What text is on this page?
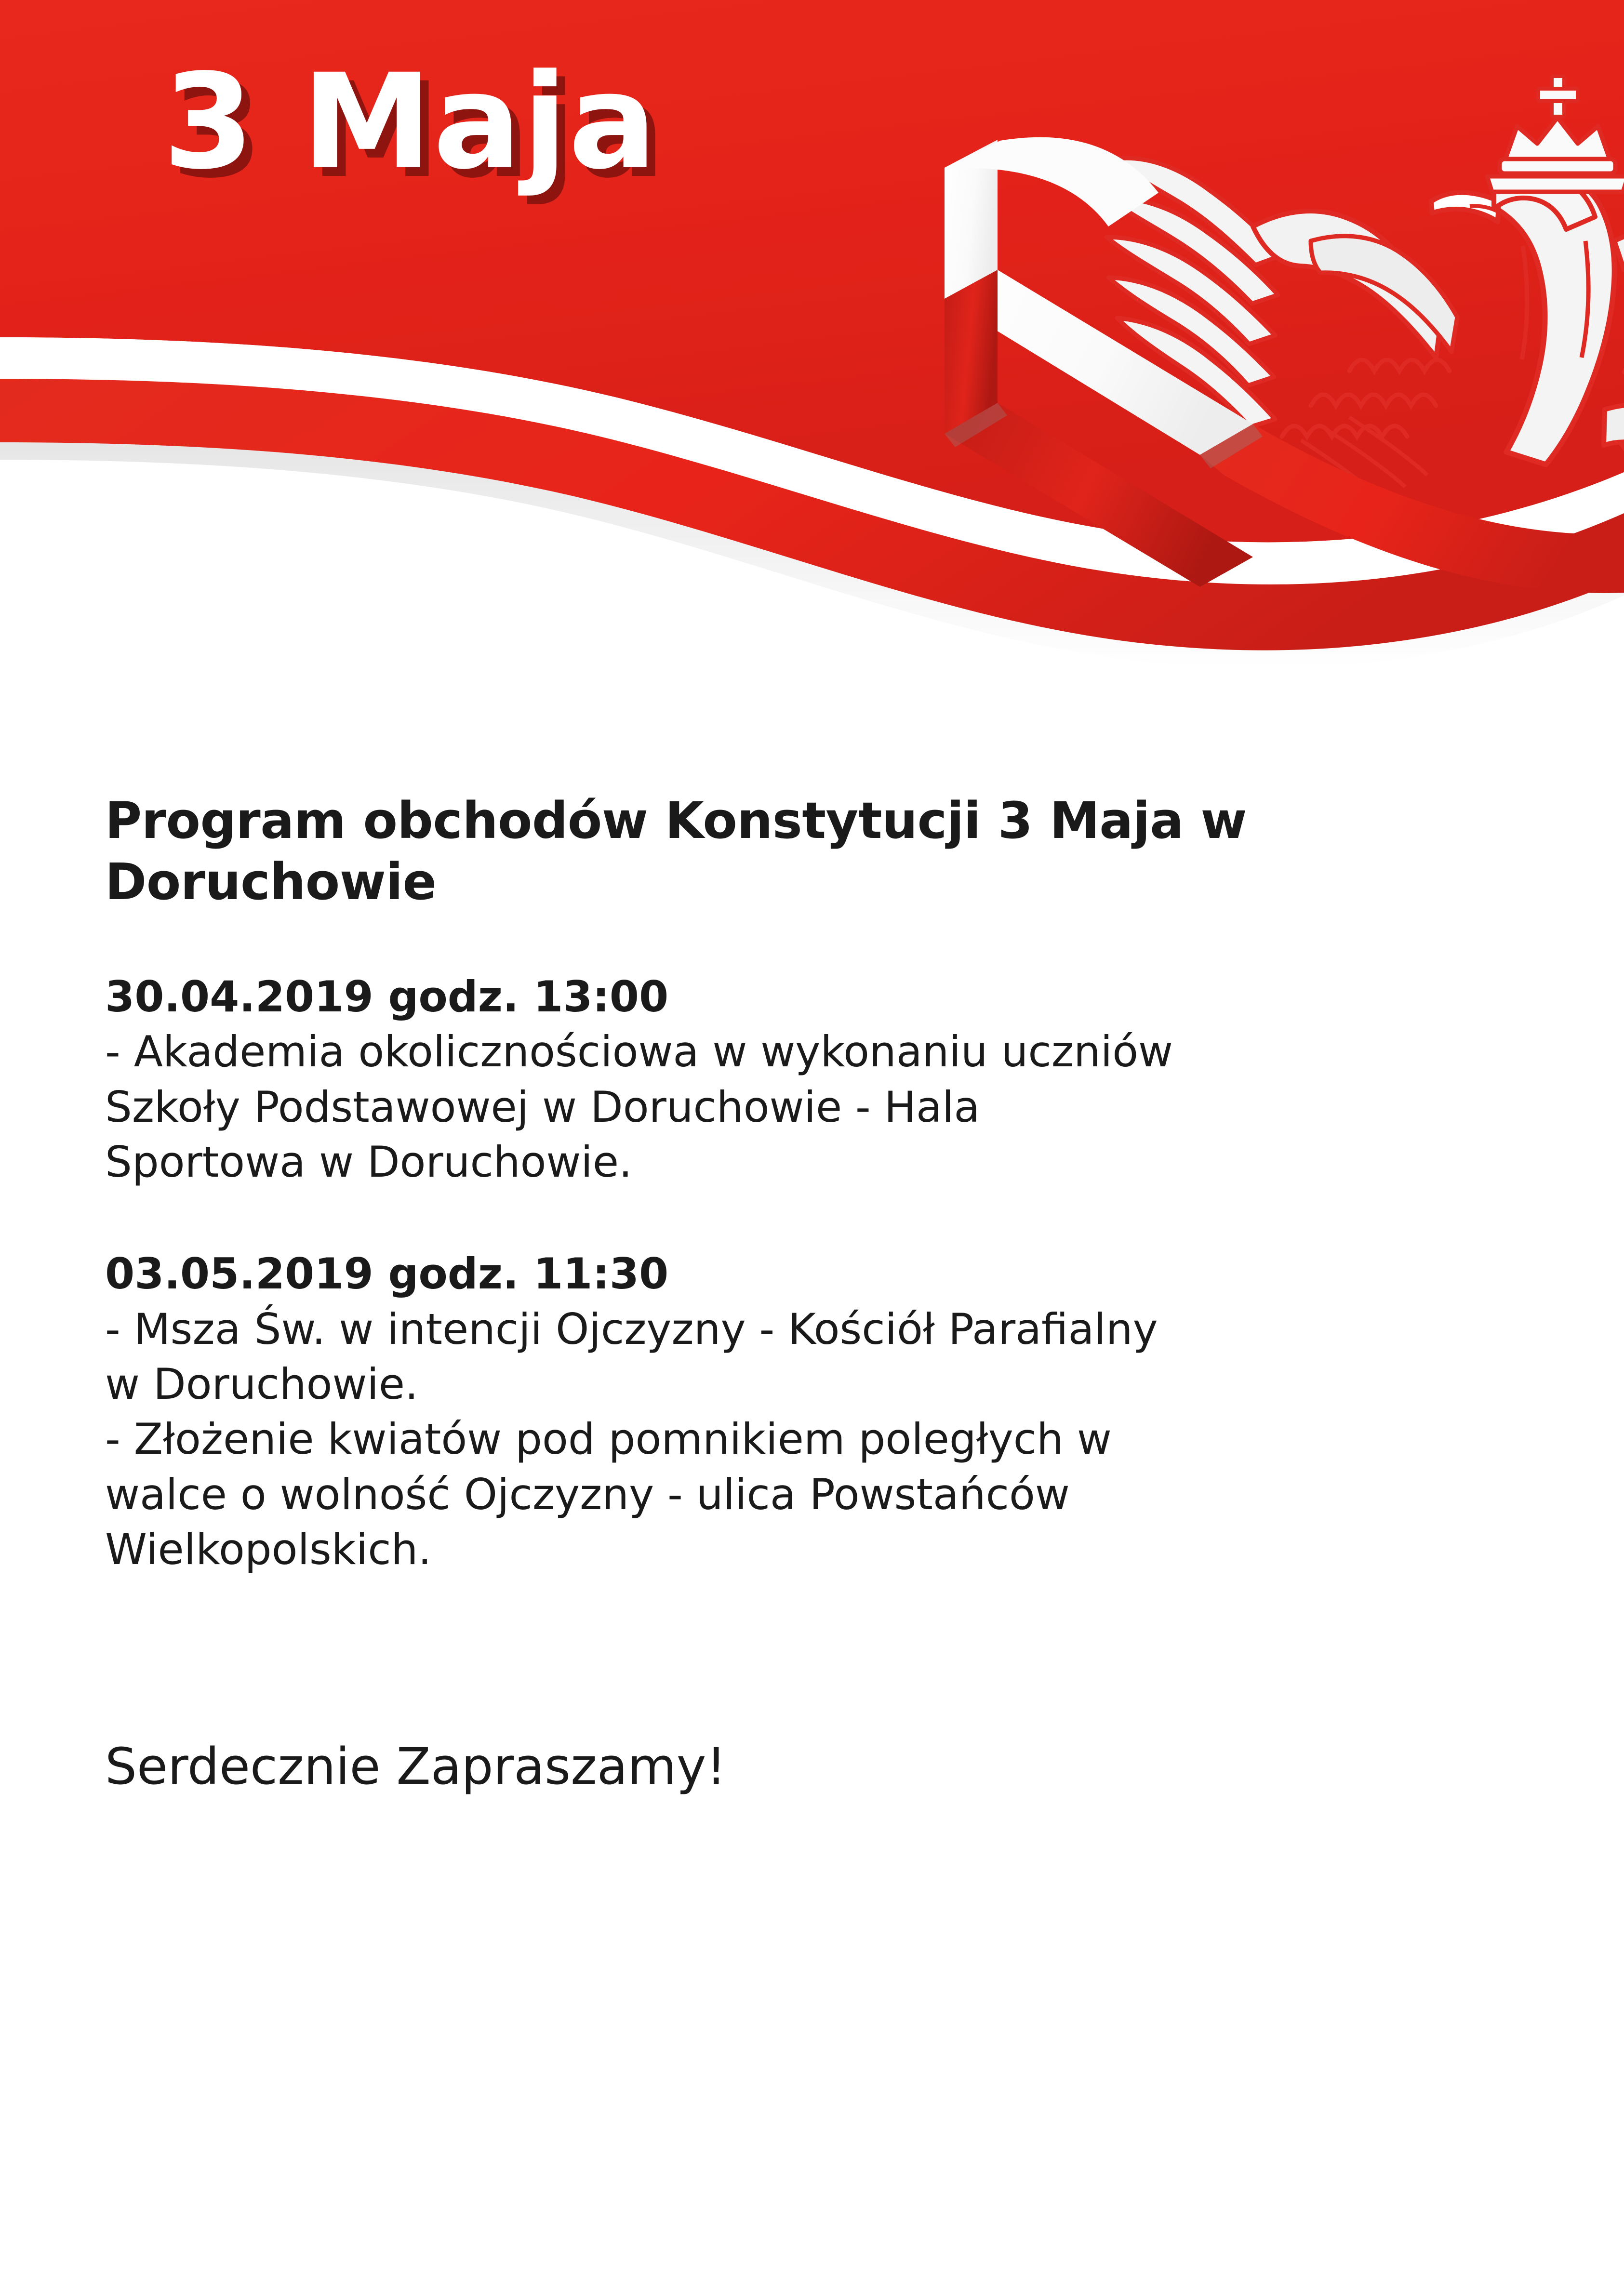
3 Maja
Program obchodów Konstytucji 3 Maja w Doruchowie

30.04.2019 godz. 13:00

- Akademia okolicznościowa w wykonaniu uczniów

Szkoły Podstawowej w Doruchowie - Hala

Sportowa w Doruchowie.

03.05.2019 godz. 11:30

- Msza Św. w intencji Ojczyzny - Kościół Parafialny

w Doruchowie.

- Złożenie kwiatów pod pomnikiem poległych w

walce o wolność Ojczyzny - ulica Powstańców

Wielkopolskich.

Serdecznie Zapraszamy!
